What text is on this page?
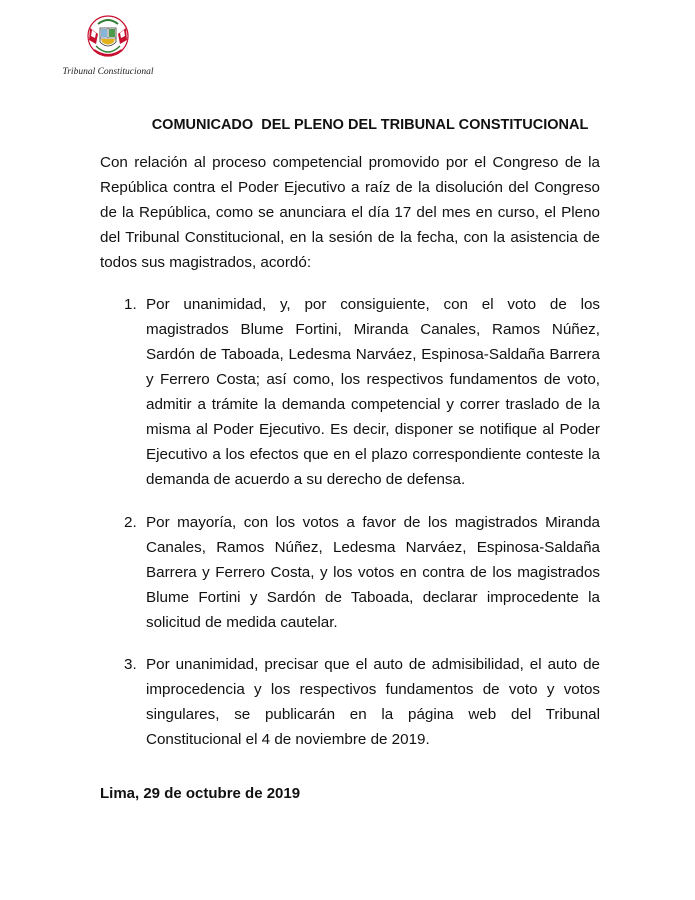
Tribunal Constitucional
COMUNICADO  DEL PLENO DEL TRIBUNAL CONSTITUCIONAL

Con relación al proceso competencial promovido por el Congreso de la República contra el Poder Ejecutivo a raíz de la disolución del Congreso de la República, como se anunciara el día 17 del mes en curso, el Pleno del Tribunal Constitucional, en la sesión de la fecha, con la asistencia de todos sus magistrados, acordó:

1. Por unanimidad, y, por consiguiente, con el voto de los magistrados Blume Fortini, Miranda Canales, Ramos Núñez, Sardón de Taboada, Ledesma Narváez, Espinosa-Saldaña Barrera y Ferrero Costa; así como, los respectivos fundamentos de voto, admitir a trámite la demanda competencial y correr traslado de la misma al Poder Ejecutivo. Es decir, disponer se notifique al Poder Ejecutivo a los efectos que en el plazo correspondiente conteste la demanda de acuerdo a su derecho de defensa.
2. Por mayoría, con los votos a favor de los magistrados Miranda Canales, Ramos Núñez, Ledesma Narváez, Espinosa-Saldaña Barrera y Ferrero Costa, y los votos en contra de los magistrados Blume Fortini y Sardón de Taboada, declarar improcedente la solicitud de medida cautelar.
3. Por unanimidad, precisar que el auto de admisibilidad, el auto de improcedencia y los respectivos fundamentos de voto y votos singulares, se publicarán en la página web del Tribunal Constitucional el 4 de noviembre de 2019.
Lima, 29 de octubre de 2019
